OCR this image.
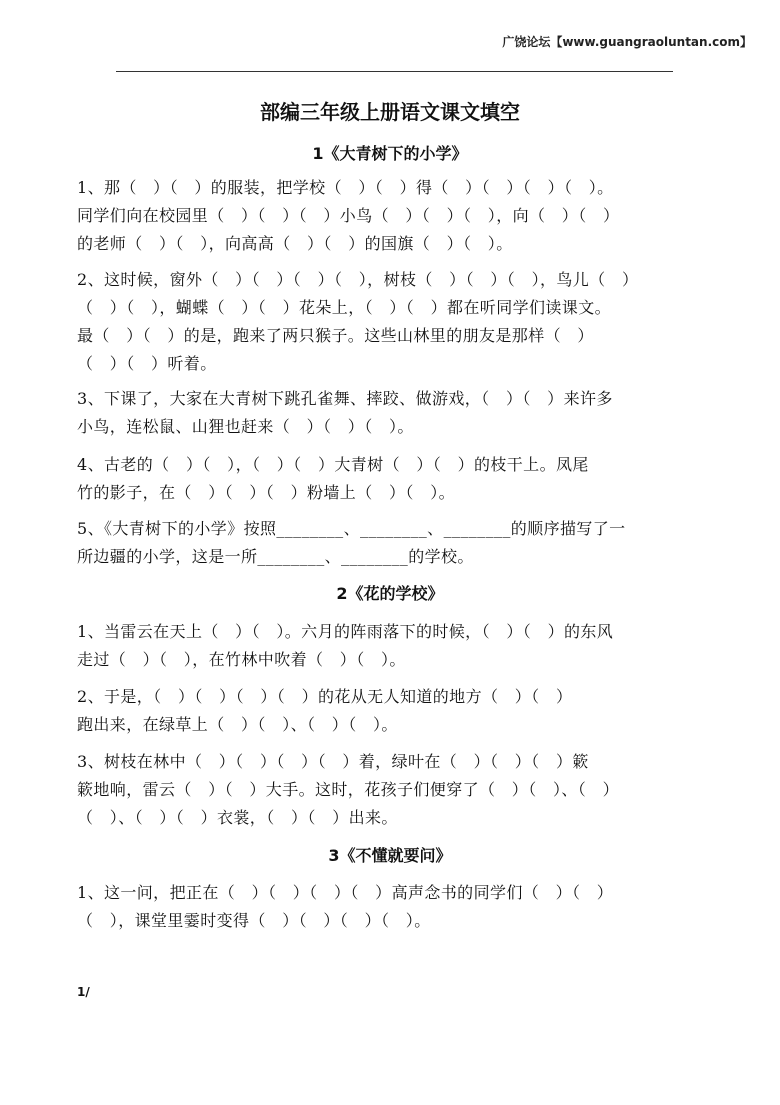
广饶论坛【www.guangraoluntan.com】
部编三年级上册语文课文填空
1《大青树下的小学》
1、那（　）（　）的服装，把学校（　）（　）得（　）（　）（　）（　）。
同学们向在校园里（　）（　）（　）小鸟（　）（　）（　），向（　）（　）
的老师（　）（　），向高高（　）（　）的国旗（　）（　）。
2、这时候，窗外（　）（　）（　）（　），树枝（　）（　）（　），鸟儿（　）
（　）（　），蝴蝶（　）（　）花朵上，（　）（　）都在听同学们读课文。
最（　）（　）的是，跑来了两只猴子。这些山林里的朋友是那样（　）
（　）（　）听着。
3、下课了，大家在大青树下跳孔雀舞、摔跤、做游戏，（　）（　）来许多
小鸟，连松鼠、山狸也赶来（　）（　）（　）。
4、古老的（　）（　），（　）（　）大青树（　）（　）的枝干上。凤尾
竹的影子，在（　）（　）（　）粉墙上（　）（　）。
5、《大青树下的小学》按照________、________、________的顺序描写了一
所边疆的小学，这是一所________、________的学校。
2《花的学校》
1、当雷云在天上（　）（　）。六月的阵雨落下的时候，（　）（　）的东风
走过（　）（　），在竹林中吹着（　）（　）。
2、于是，（　）（　）（　）（　）的花从无人知道的地方（　）（　）
跑出来，在绿草上（　）（　）、（　）（　）。
3、树枝在林中（　）（　）（　）（　）着，绿叶在（　）（　）（　）簌
簌地响，雷云（　）（　）大手。这时，花孩子们便穿了（　）（　）、（　）
（　）、（　）（　）衣裳，（　）（　）出来。
3《不懂就要问》
1、这一问，把正在（　）（　）（　）（　）高声念书的同学们（　）（　）
（　），课堂里霎时变得（　）（　）（　）（　）。
1/
